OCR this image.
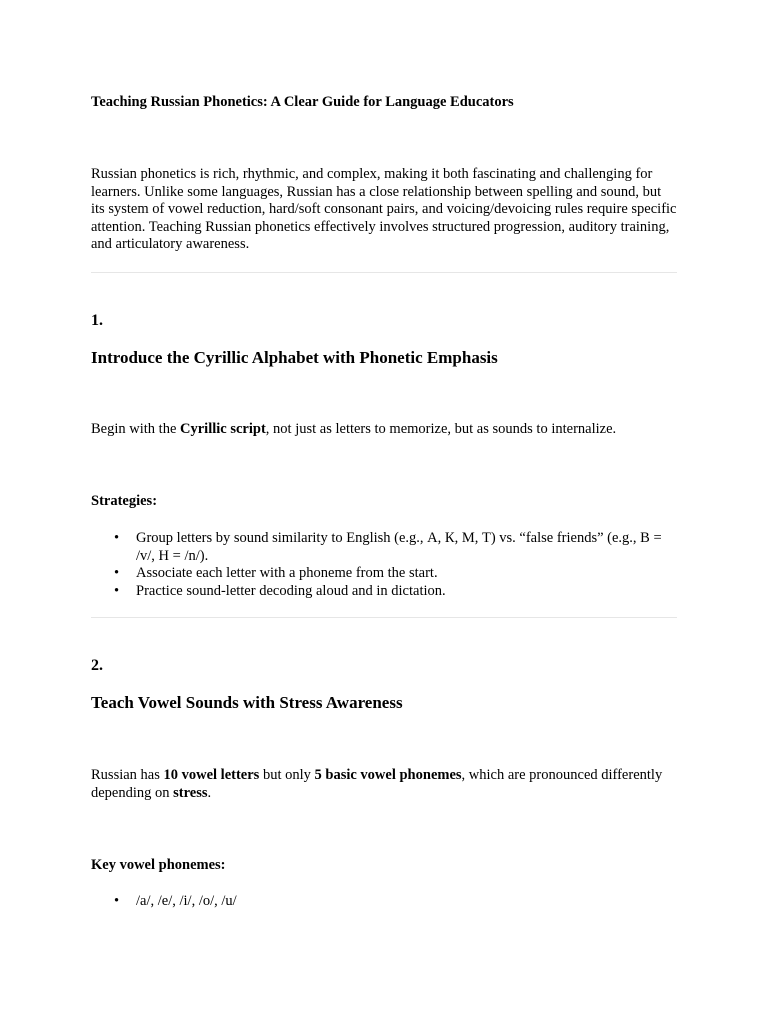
Teaching Russian Phonetics: A Clear Guide for Language Educators

Russian phonetics is rich, rhythmic, and complex, making it both fascinating and challenging for learners. Unlike some languages, Russian has a close relationship between spelling and sound, but its system of vowel reduction, hard/soft consonant pairs, and voicing/devoicing rules require specific attention. Teaching Russian phonetics effectively involves structured progression, auditory training, and articulatory awareness.

1.
Introduce the Cyrillic Alphabet with Phonetic Emphasis

Begin with the Cyrillic script, not just as letters to memorize, but as sounds to internalize.

Strategies:
• Group letters by sound similarity to English (e.g., А, К, М, Т) vs. “false friends” (e.g., В = /v/, Н = /n/).
• Associate each letter with a phoneme from the start.
• Practice sound-letter decoding aloud and in dictation.
2.
Teach Vowel Sounds with Stress Awareness

Russian has 10 vowel letters but only 5 basic vowel phonemes, which are pronounced differently depending on stress.

Key vowel phonemes:
• /a/, /e/, /i/, /o/, /u/
